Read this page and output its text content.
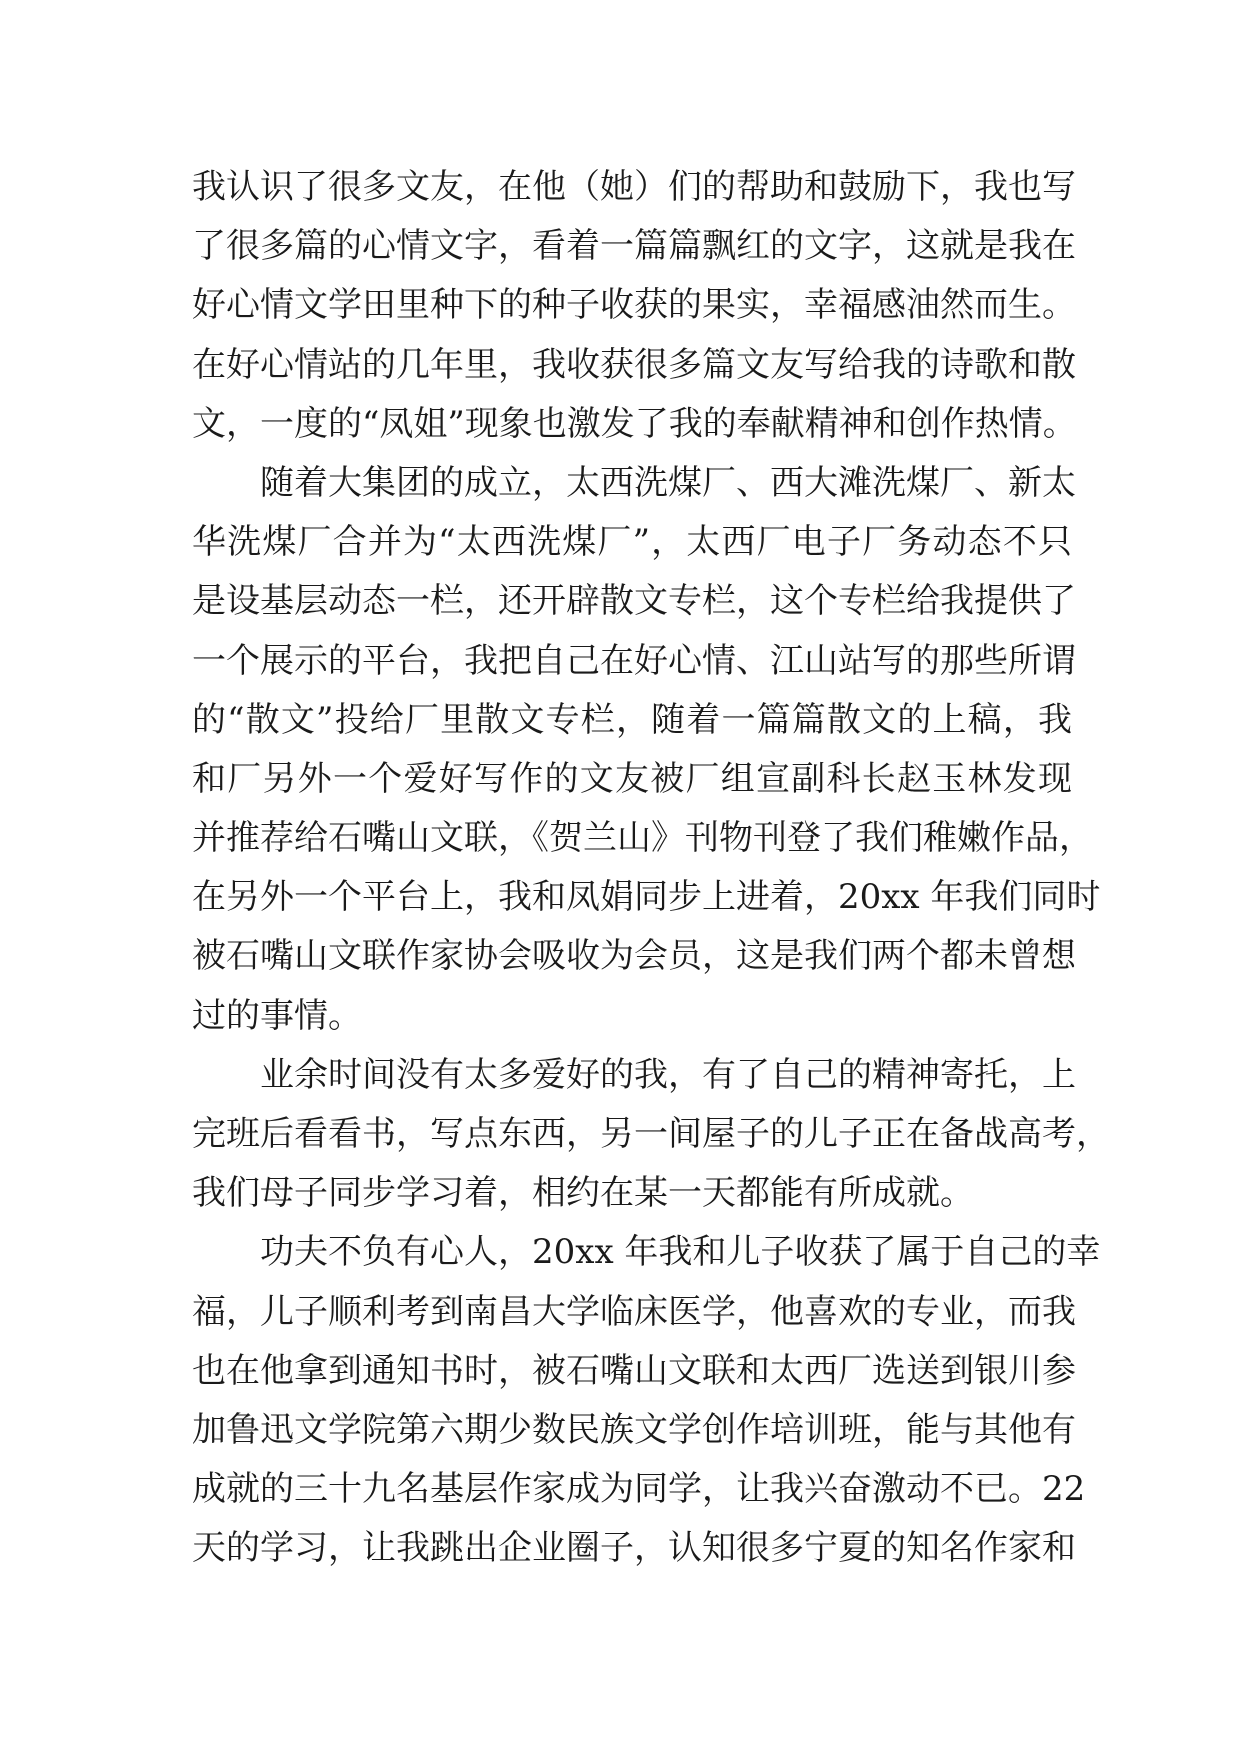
我认识了很多文友，在他（她）们的帮助和鼓励下，我也写
了很多篇的心情文字，看着一篇篇飘红的文字，这就是我在
好心情文学田里种下的种子收获的果实，幸福感油然而生。
在好心情站的几年里，我收获很多篇文友写给我的诗歌和散
文，一度的“凤姐”现象也激发了我的奉献精神和创作热情。
随着大集团的成立，太西洗煤厂、西大滩洗煤厂、新太
华洗煤厂合并为“太西洗煤厂”，太西厂电子厂务动态不只
是设基层动态一栏，还开辟散文专栏，这个专栏给我提供了
一个展示的平台，我把自己在好心情、江山站写的那些所谓
的“散文”投给厂里散文专栏，随着一篇篇散文的上稿，我
和厂另外一个爱好写作的文友被厂组宣副科长赵玉林发现
并推荐给石嘴山文联，《贺兰山》刊物刊登了我们稚嫩作品，
在另外一个平台上，我和凤娟同步上进着，20xx 年我们同时
被石嘴山文联作家协会吸收为会员，这是我们两个都未曾想
过的事情。
业余时间没有太多爱好的我，有了自己的精神寄托，上
完班后看看书，写点东西，另一间屋子的儿子正在备战高考，
我们母子同步学习着，相约在某一天都能有所成就。
功夫不负有心人，20xx 年我和儿子收获了属于自己的幸
福，儿子顺利考到南昌大学临床医学，他喜欢的专业，而我
也在他拿到通知书时，被石嘴山文联和太西厂选送到银川参
加鲁迅文学院第六期少数民族文学创作培训班，能与其他有
成就的三十九名基层作家成为同学，让我兴奋激动不已。22
天的学习，让我跳出企业圈子，认知很多宁夏的知名作家和
